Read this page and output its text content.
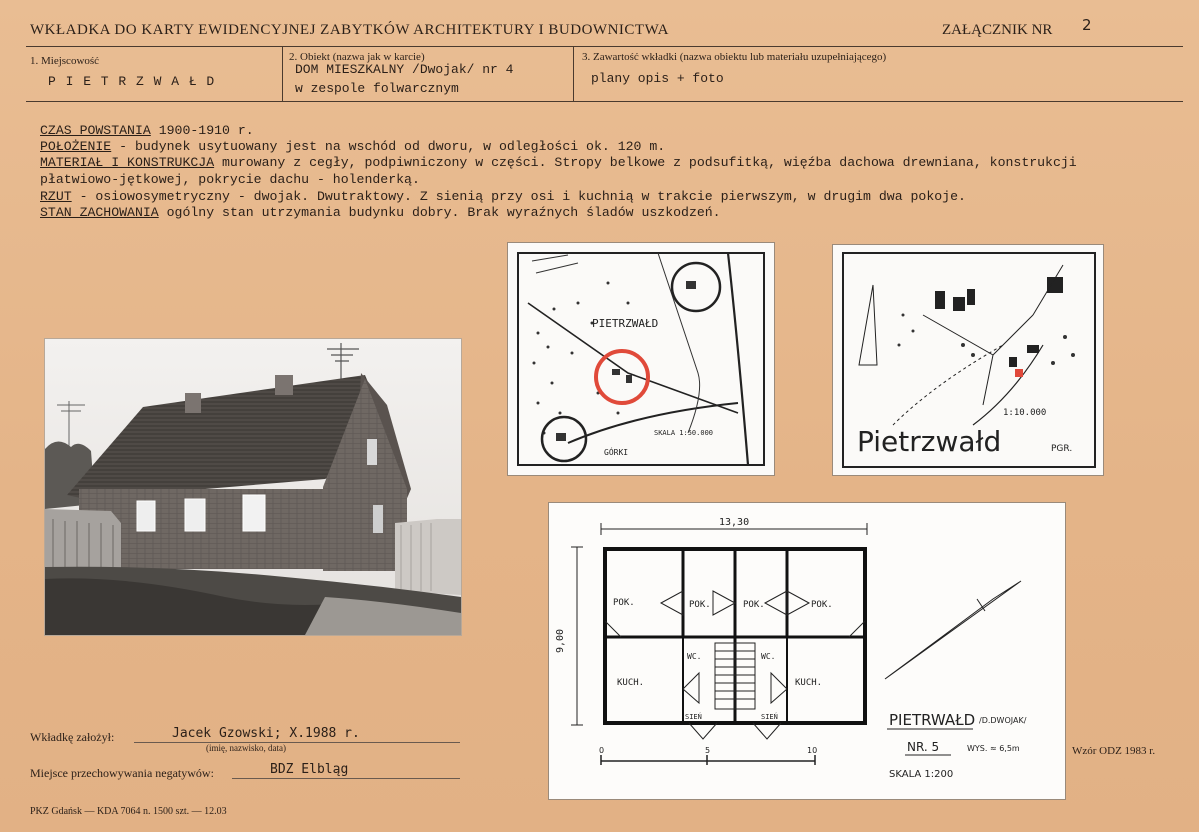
WKŁADKA DO KARTY EWIDENCYJNEJ ZABYTKÓW ARCHITEKTURY I BUDOWNICTWA	ZAŁĄCZNIK NR 2
1. Miejscowość
P I E T R Z W A Ł D
2. Obiekt (nazwa jak w karcie)
DOM MIESZKALNY /Dwojak/ nr 4
w zespole folwarcznym
3. Zawartość wkładki (nazwa obiektu lub materiału uzupełniającego)
plany opis + foto
CZAS POWSTANIA 1900-1910 r.
POŁOŻENIE - budynek usytuowany jest na wschód od dworu, w odległości ok. 120 m.
MATERIAŁ I KONSTRUKCJA murowany z cegły, podpiwniczony w części. Stropy belkowe z podsufitką, więźba dachowa drewniana, konstrukcji
płatwiowo-jętkowej, pokrycie dachu - holenderką.
RZUT - osiowosymetryczny - dwojak. Dwutraktowy. Z sienią przy osi i kuchnią w trakcie pierwszym, w drugim dwa pokoje.
STAN ZACHOWANIA ogólny stan utrzymania budynku dobry. Brak wyraźnych śladów uszkodzeń.
PIETRZWAŁD
SKALA 1:50.000
GÓRKI
1:10.000
Pietrzwałd	PGR.
13,30
9,00
POK.	POK.	POK.	POK.
KUCH.	KUCH.
WC.	WC.
SIEŃ	SIEŃ	PIETRWAŁD /D.DWOJAK/
NR. 5	WYS. ≈ 6,5m
SKALA 1:200
0	5	10
Wkładkę założył:	Jacek Gzowski; X.1988 r.
(imię, nazwisko, data)
Miejsce przechowywania negatywów:	BDZ Elbląg
PKZ Gdańsk — KDA 7064 n. 1500 szt. — 12.03
Wzór ODZ 1983 r.
